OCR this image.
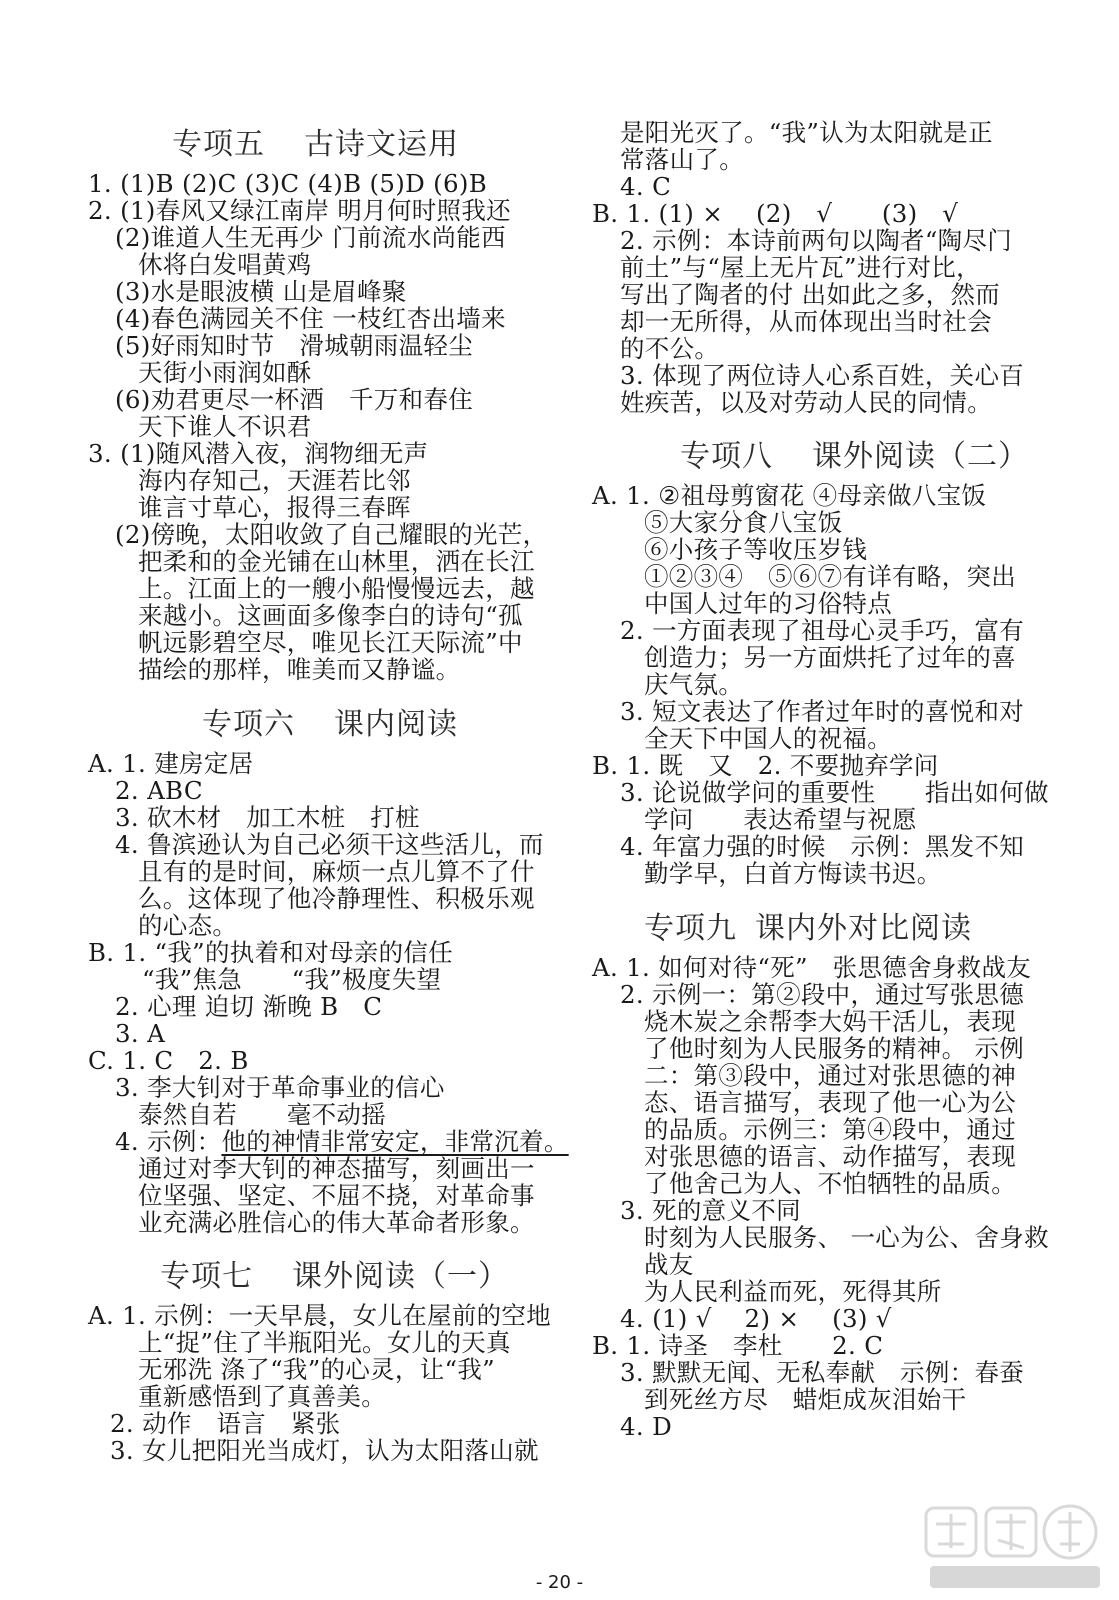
专项五 古诗文运用
1. (1)B (2)C (3)C (4)B (5)D (6)B
2. (1)春风又绿江南岸 明月何时照我还
(2)谁道人生无再少 门前流水尚能西
休将白发唱黄鸡
(3)水是眼波横 山是眉峰聚
(4)春色满园关不住 一枝红杏出墙来
(5)好雨知时节　滑城朝雨温轻尘
天街小雨润如酥
(6)劝君更尽一杯酒　千万和春住
天下谁人不识君
3. (1)随风潜入夜，润物细无声
海内存知己，天涯若比邻
谁言寸草心，报得三春晖
(2)傍晚，太阳收敛了自己耀眼的光芒，
把柔和的金光铺在山林里，洒在长江
上。江面上的一艘小船慢慢远去，越
来越小。这画面多像李白的诗句“孤
帆远影碧空尽，唯见长江天际流”中
描绘的那样，唯美而又静谧。
专项六 课内阅读
A. 1. 建房定居
2. ABC
3. 砍木材　加工木桩　打桩
4. 鲁滨逊认为自己必须干这些活儿，而
且有的是时间，麻烦一点儿算不了什
么。这体现了他冷静理性、积极乐观
的心态。
B. 1. “我”的执着和对母亲的信任
“我”焦急　　“我”极度失望
2. 心理 迫切 渐晚 B　C
3. A
C. 1. C　2. B
3. 李大钊对于革命事业的信心
泰然自若　　毫不动摇
4. 示例：他的神情非常安定，非常沉着。
通过对李大钊的神态描写，刻画出一
位坚强、坚定、不屈不挠，对革命事
业充满必胜信心的伟大革命者形象。
专项七 课外阅读（一）
A. 1. 示例：一天早晨，女儿在屋前的空地
上“捉”住了半瓶阳光。女儿的天真
无邪洗 涤了“我”的心灵，让“我”
重新感悟到了真善美。
2. 动作　语言　紧张
3. 女儿把阳光当成灯，认为太阳落山就
是阳光灭了。“我”认为太阳就是正
常落山了。
4. C
B. 1. (1) ×　 (2)　√　　(3)　√
2. 示例：本诗前两句以陶者“陶尽门
前土”与“屋上无片瓦”进行对比，
写出了陶者的付 出如此之多，然而
却一无所得，从而体现出当时社会
的不公。
3. 体现了两位诗人心系百姓，关心百
姓疾苦，以及对劳动人民的同情。
专项八 课外阅读（二）
A. 1. ②祖母剪窗花 ④母亲做八宝饭
⑤大家分食八宝饭
⑥小孩子等收压岁钱
①②③④　⑤⑥⑦有详有略，突出
中国人过年的习俗特点
2. 一方面表现了祖母心灵手巧，富有
创造力；另一方面烘托了过年的喜
庆气氛。
3. 短文表达了作者过年时的喜悦和对
全天下中国人的祝福。
B. 1. 既　又　2. 不要抛弃学问
3. 论说做学问的重要性　　指出如何做
学问　　表达希望与祝愿
4. 年富力强的时候　示例：黑发不知
勤学早，白首方悔读书迟。
专项九 课内外对比阅读
A. 1. 如何对待“死”　张思德舍身救战友
2. 示例一：第②段中，通过写张思德
烧木炭之余帮李大妈干活儿，表现
了他时刻为人民服务的精神。 示例
二：第③段中，通过对张思德的神
态、语言描写，表现了他一心为公
的品质。示例三：第④段中，通过
对张思德的语言、动作描写，表现
了他舍己为人、不怕牺牲的品质。
3. 死的意义不同
时刻为人民服务、 一心为公、舍身救
战友
为人民利益而死，死得其所
4. (1) √　 2) ×　 (3) √
B. 1. 诗圣　李杜　　2. C
3. 默默无闻、无私奉献　示例：春蚕
到死丝方尽　蜡炬成灰泪始干
4. D
- 20 -
